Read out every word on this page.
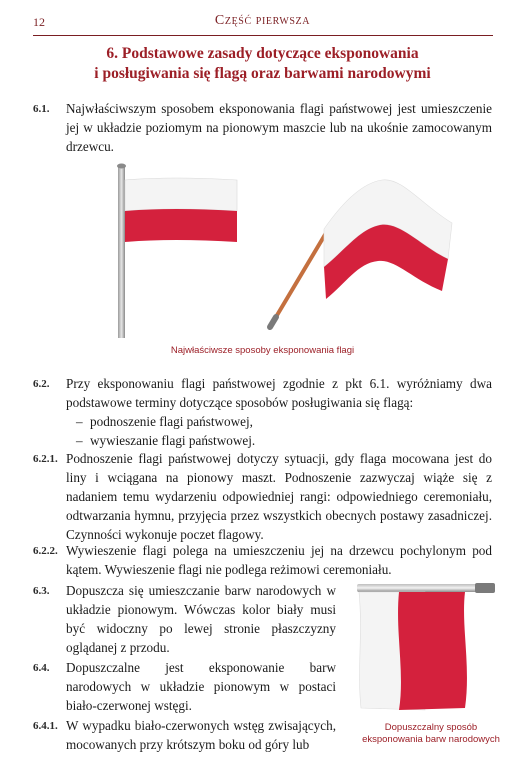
12	Część pierwsza
6. Podstawowe zasady dotyczące eksponowania
i posługiwania się flagą oraz barwami narodowymi
6.1. Najwłaściwszym sposobem eksponowania flagi państwowej jest umieszczenie jej w układzie poziomym na pionowym maszcie lub na ukośnie zamocowanym drzewcu.
Najwłaściwsze sposoby eksponowania flagi
6.2. Przy eksponowaniu flagi państwowej zgodnie z pkt 6.1. wyróżniamy dwa podstawowe terminy dotyczące sposobów posługiwania się flagą:
– podnoszenie flagi państwowej,
– wywieszanie flagi państwowej.
6.2.1. Podnoszenie flagi państwowej dotyczy sytuacji, gdy flaga mocowana jest do liny i wciągana na pionowy maszt. Podnoszenie zazwyczaj wiąże się z nadaniem temu wydarzeniu odpowiedniej rangi: odpowiedniego ceremoniału, odtwarzania hymnu, przyjęcia przez wszystkich obecnych postawy zasadniczej. Czynności wykonuje poczet flagowy.
6.2.2. Wywieszenie flagi polega na umieszczeniu jej na drzewcu pochylonym pod kątem. Wywieszenie flagi nie podlega reżimowi ceremoniału.
6.3. Dopuszcza się umieszczanie barw narodowych w układzie pionowym. Wówczas kolor biały musi być widoczny po lewej stronie płaszczyzny oglądanej z przodu.
6.4. Dopuszczalne jest eksponowanie barw narodowych w układzie pionowym w postaci biało-czerwonej wstęgi.
6.4.1. W wypadku biało-czerwonych wstęg zwisających, mocowanych przy krótszym boku od góry lub
Dopuszczalny sposób
eksponowania barw narodowych
